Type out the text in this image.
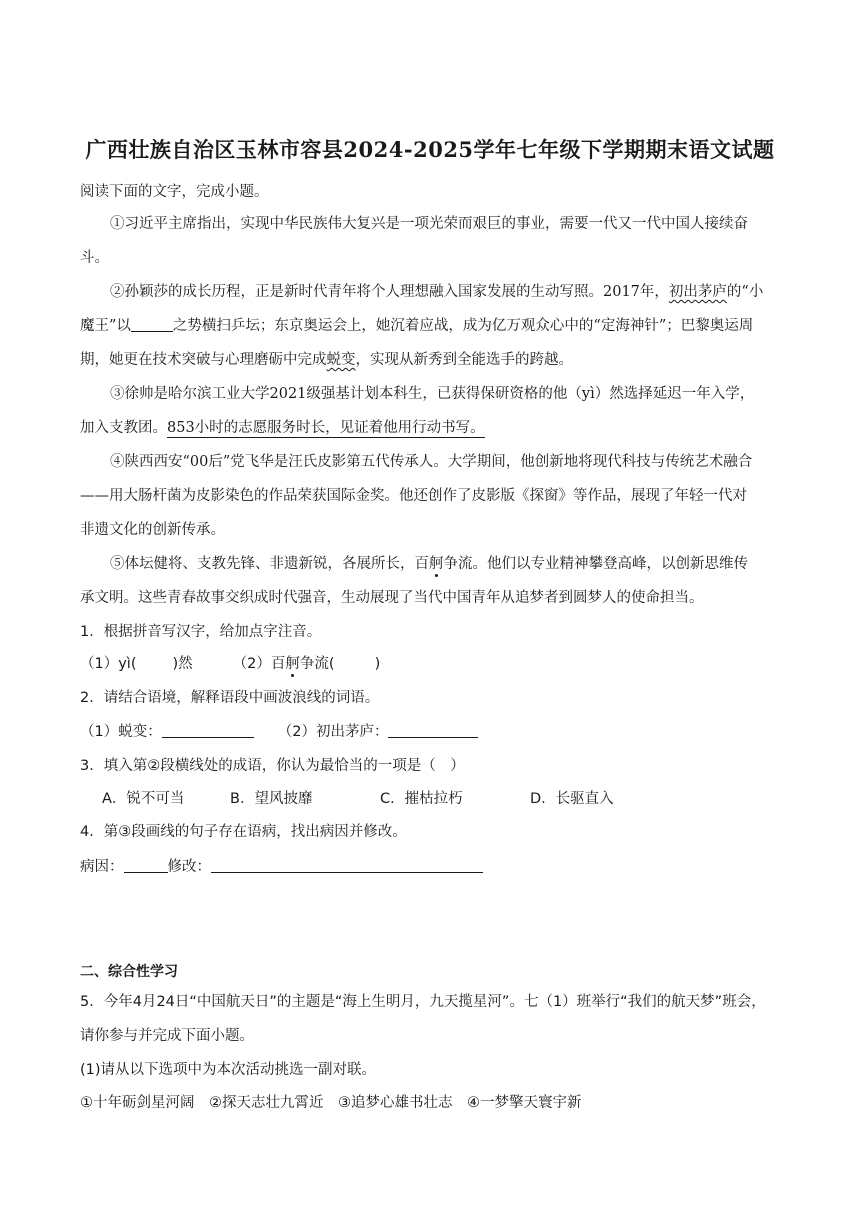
广西壮族自治区玉林市容县2024-2025学年七年级下学期期末语文试题
阅读下面的文字，完成小题。
①习近平主席指出，实现中华民族伟大复兴是一项光荣而艰巨的事业，需要一代又一代中国人接续奋
斗。
②孙颖莎的成长历程，正是新时代青年将个人理想融入国家发展的生动写照。2017年，初出茅庐的“小
魔王”以	之势横扫乒坛；东京奥运会上，她沉着应战，成为亿万观众心中的“定海神针”；巴黎奥运周
期，她更在技术突破与心理磨砺中完成蜕变，实现从新秀到全能选手的跨越。
③徐帅是哈尔滨工业大学2021级强基计划本科生，已获得保研资格的他（yì）然选择延迟一年入学，
加入支教团。853小时的志愿服务时长，见证着他用行动书写。
④陕西西安“00后”党飞华是汪氏皮影第五代传承人。大学期间，他创新地将现代科技与传统艺术融合
——用大肠杆菌为皮影染色的作品荣获国际金奖。他还创作了皮影版《探窗》等作品，展现了年轻一代对
非遗文化的创新传承。
⑤体坛健将、支教先锋、非遗新锐，各展所长，百舸争流。他们以专业精神攀登高峰，以创新思维传
承文明。这些青春故事交织成时代强音，生动展现了当代中国青年从追梦者到圆梦人的使命担当。
1．根据拼音写汉字，给加点字注音。
（1）yì( )然	（2）百舸争流(	)
2．请结合语境，解释语段中画波浪线的词语。
（1）蜕变：	（2）初出茅庐：
3．填入第②段横线处的成语，你认为最恰当的一项是（　）
A．锐不可当	B．望风披靡	C．摧枯拉朽	D．长驱直入
4．第③段画线的句子存在语病，找出病因并修改。
病因：	修改：
二、综合性学习
5．今年4月24日“中国航天日”的主题是“海上生明月，九天揽星河”。七（1）班举行“我们的航天梦”班会，
请你参与并完成下面小题。
(1)请从以下选项中为本次活动挑选一副对联。
①十年砺剑星河阔　②探天志壮九霄近　③追梦心雄书壮志　④一梦擎天寰宇新
